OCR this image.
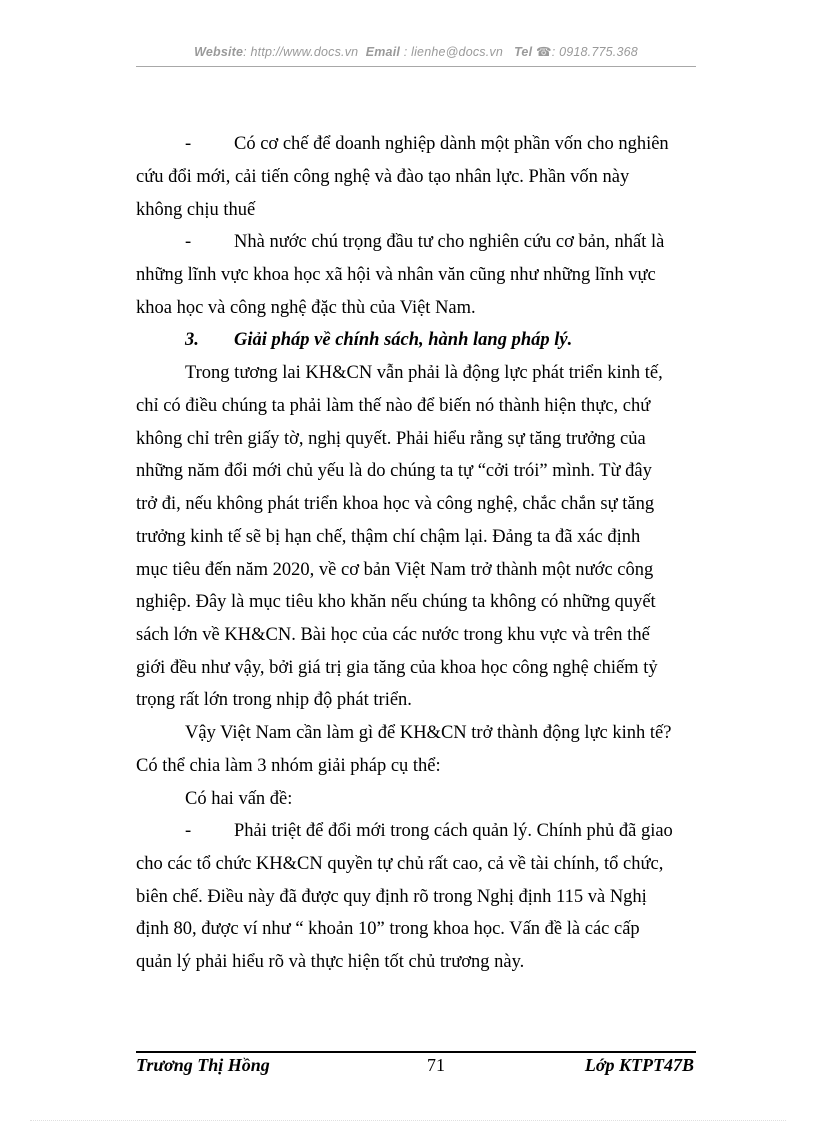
Website: http://www.docs.vn Email : lienhe@docs.vn Tel ☎: 0918.775.368
- Có cơ chế để doanh nghiệp dành một phần vốn cho nghiên
cứu đổi mới, cải tiến công nghệ và đào tạo nhân lực. Phần vốn này
không chịu thuế
- Nhà nước chú trọng đầu tư cho nghiên cứu cơ bản, nhất là
những lĩnh vực khoa học xã hội và nhân văn cũng như những lĩnh vực
khoa học và công nghệ đặc thù của Việt Nam.
3. Giải pháp về chính sách, hành lang pháp lý.
Trong tương lai KH&CN vẫn phải là động lực phát triển kinh tế,
chỉ có điều chúng ta phải làm thế nào để biến nó thành hiện thực, chứ
không chỉ trên giấy tờ, nghị quyết. Phải hiểu rằng sự tăng trưởng của
những năm đổi mới chủ yếu là do chúng ta tự “cởi trói” mình. Từ đây
trở đi, nếu không phát triển khoa học và công nghệ, chắc chắn sự tăng
trưởng kinh tế sẽ bị hạn chế, thậm chí chậm lại. Đảng ta đã xác định
mục tiêu đến năm 2020, về cơ bản Việt Nam trở thành một nước công
nghiệp. Đây là mục tiêu kho khăn nếu chúng ta không có những quyết
sách lớn về KH&CN. Bài học của các nước trong khu vực và trên thế
giới đều như vậy, bởi giá trị gia tăng của khoa học công nghệ chiếm tỷ
trọng rất lớn trong nhịp độ phát triển.
Vậy Việt Nam cần làm gì để KH&CN trở thành động lực kinh tế?
Có thể chia làm 3 nhóm giải pháp cụ thể:
Có hai vấn đề:
- Phải triệt để đổi mới trong cách quản lý. Chính phủ đã giao
cho các tổ chức KH&CN quyền tự chủ rất cao, cả về tài chính, tổ chức,
biên chế. Điều này đã được quy định rõ trong Nghị định 115 và Nghị
định 80, được ví như “ khoản 10” trong khoa học. Vấn đề là các cấp
quản lý phải hiểu rõ và thực hiện tốt chủ trương này.
Trương Thị Hồng	71	Lớp KTPT47B
